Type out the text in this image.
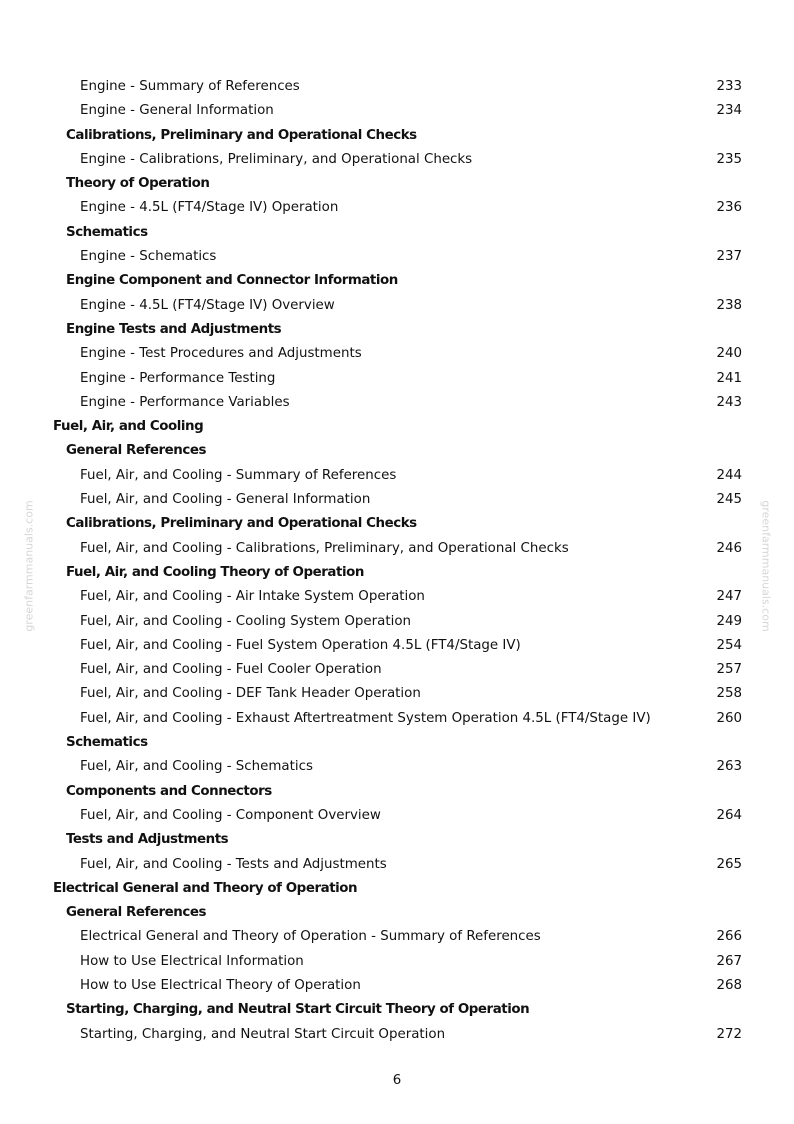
greenfarmmanuals.com	greenfarmmanuals.com
Engine - Summary of References	233
Engine - General Information	234
Calibrations, Preliminary and Operational Checks
Engine - Calibrations, Preliminary, and Operational Checks	235
Theory of Operation
Engine - 4.5L (FT4/Stage IV) Operation	236
Schematics
Engine - Schematics	237
Engine Component and Connector Information
Engine - 4.5L (FT4/Stage IV) Overview	238
Engine Tests and Adjustments
Engine - Test Procedures and Adjustments	240
Engine - Performance Testing	241
Engine - Performance Variables	243
Fuel, Air, and Cooling
General References
Fuel, Air, and Cooling - Summary of References	244
Fuel, Air, and Cooling - General Information	245
Calibrations, Preliminary and Operational Checks
Fuel, Air, and Cooling - Calibrations, Preliminary, and Operational Checks	246
Fuel, Air, and Cooling Theory of Operation
Fuel, Air, and Cooling - Air Intake System Operation	247
Fuel, Air, and Cooling - Cooling System Operation	249
Fuel, Air, and Cooling - Fuel System Operation 4.5L (FT4/Stage IV)	254
Fuel, Air, and Cooling - Fuel Cooler Operation	257
Fuel, Air, and Cooling - DEF Tank Header Operation	258
Fuel, Air, and Cooling - Exhaust Aftertreatment System Operation 4.5L (FT4/Stage IV)	260
Schematics
Fuel, Air, and Cooling - Schematics	263
Components and Connectors
Fuel, Air, and Cooling - Component Overview	264
Tests and Adjustments
Fuel, Air, and Cooling - Tests and Adjustments	265
Electrical General and Theory of Operation
General References
Electrical General and Theory of Operation - Summary of References	266
How to Use Electrical Information	267
How to Use Electrical Theory of Operation	268
Starting, Charging, and Neutral Start Circuit Theory of Operation
Starting, Charging, and Neutral Start Circuit Operation	272
6
